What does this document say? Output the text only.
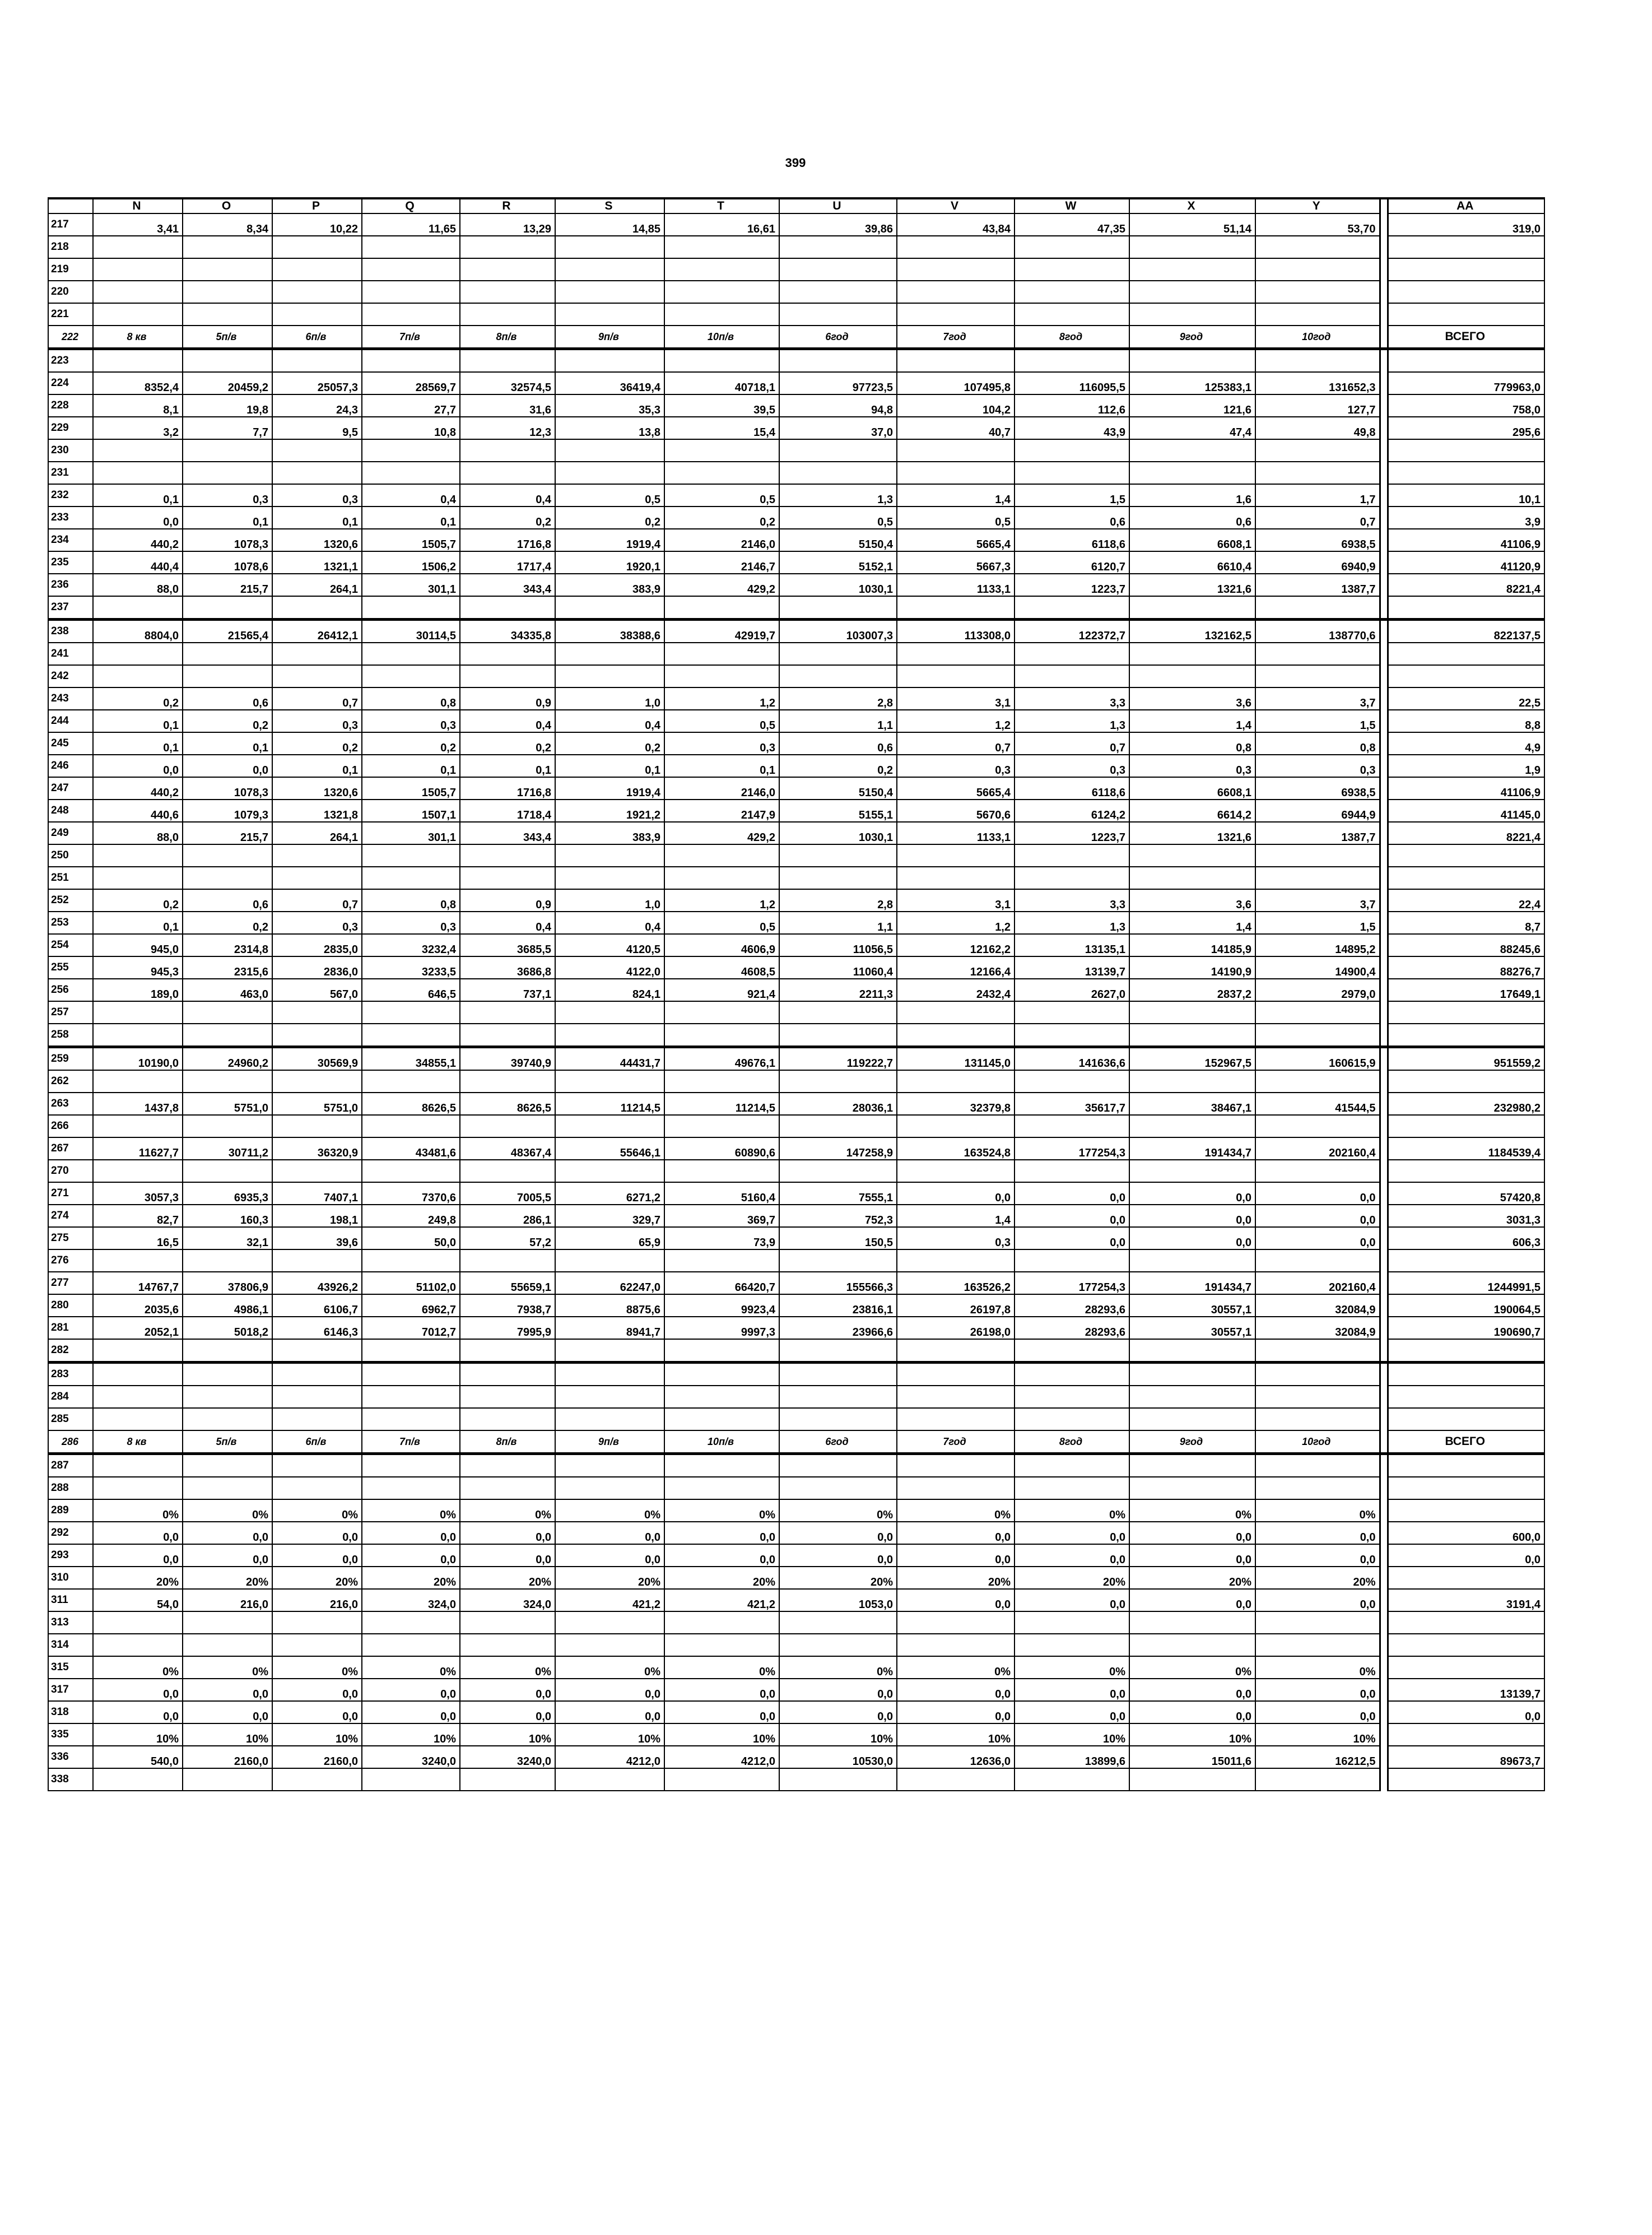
399
	N	O	P	Q	R	S	T	U	V	W	X	Y		AA
217	3,41	8,34	10,22	11,65	13,29	14,85	16,61	39,86	43,84	47,35	51,14	53,70		319,0
218														
219														
220														
221														
222	8 кв	5п/в	6п/в	7п/в	8п/в	9п/в	10п/в	6год	7год	8год	9год	10год		ВСЕГО
223														
224	8352,4	20459,2	25057,3	28569,7	32574,5	36419,4	40718,1	97723,5	107495,8	116095,5	125383,1	131652,3		779963,0
228	8,1	19,8	24,3	27,7	31,6	35,3	39,5	94,8	104,2	112,6	121,6	127,7		758,0
229	3,2	7,7	9,5	10,8	12,3	13,8	15,4	37,0	40,7	43,9	47,4	49,8		295,6
230														
231														
232	0,1	0,3	0,3	0,4	0,4	0,5	0,5	1,3	1,4	1,5	1,6	1,7		10,1
233	0,0	0,1	0,1	0,1	0,2	0,2	0,2	0,5	0,5	0,6	0,6	0,7		3,9
234	440,2	1078,3	1320,6	1505,7	1716,8	1919,4	2146,0	5150,4	5665,4	6118,6	6608,1	6938,5		41106,9
235	440,4	1078,6	1321,1	1506,2	1717,4	1920,1	2146,7	5152,1	5667,3	6120,7	6610,4	6940,9		41120,9
236	88,0	215,7	264,1	301,1	343,4	383,9	429,2	1030,1	1133,1	1223,7	1321,6	1387,7		8221,4
237														
238	8804,0	21565,4	26412,1	30114,5	34335,8	38388,6	42919,7	103007,3	113308,0	122372,7	132162,5	138770,6		822137,5
241														
242														
243	0,2	0,6	0,7	0,8	0,9	1,0	1,2	2,8	3,1	3,3	3,6	3,7		22,5
244	0,1	0,2	0,3	0,3	0,4	0,4	0,5	1,1	1,2	1,3	1,4	1,5		8,8
245	0,1	0,1	0,2	0,2	0,2	0,2	0,3	0,6	0,7	0,7	0,8	0,8		4,9
246	0,0	0,0	0,1	0,1	0,1	0,1	0,1	0,2	0,3	0,3	0,3	0,3		1,9
247	440,2	1078,3	1320,6	1505,7	1716,8	1919,4	2146,0	5150,4	5665,4	6118,6	6608,1	6938,5		41106,9
248	440,6	1079,3	1321,8	1507,1	1718,4	1921,2	2147,9	5155,1	5670,6	6124,2	6614,2	6944,9		41145,0
249	88,0	215,7	264,1	301,1	343,4	383,9	429,2	1030,1	1133,1	1223,7	1321,6	1387,7		8221,4
250														
251														
252	0,2	0,6	0,7	0,8	0,9	1,0	1,2	2,8	3,1	3,3	3,6	3,7		22,4
253	0,1	0,2	0,3	0,3	0,4	0,4	0,5	1,1	1,2	1,3	1,4	1,5		8,7
254	945,0	2314,8	2835,0	3232,4	3685,5	4120,5	4606,9	11056,5	12162,2	13135,1	14185,9	14895,2		88245,6
255	945,3	2315,6	2836,0	3233,5	3686,8	4122,0	4608,5	11060,4	12166,4	13139,7	14190,9	14900,4		88276,7
256	189,0	463,0	567,0	646,5	737,1	824,1	921,4	2211,3	2432,4	2627,0	2837,2	2979,0		17649,1
257														
258														
259	10190,0	24960,2	30569,9	34855,1	39740,9	44431,7	49676,1	119222,7	131145,0	141636,6	152967,5	160615,9		951559,2
262														
263	1437,8	5751,0	5751,0	8626,5	8626,5	11214,5	11214,5	28036,1	32379,8	35617,7	38467,1	41544,5		232980,2
266														
267	11627,7	30711,2	36320,9	43481,6	48367,4	55646,1	60890,6	147258,9	163524,8	177254,3	191434,7	202160,4		1184539,4
270														
271	3057,3	6935,3	7407,1	7370,6	7005,5	6271,2	5160,4	7555,1	0,0	0,0	0,0	0,0		57420,8
274	82,7	160,3	198,1	249,8	286,1	329,7	369,7	752,3	1,4	0,0	0,0	0,0		3031,3
275	16,5	32,1	39,6	50,0	57,2	65,9	73,9	150,5	0,3	0,0	0,0	0,0		606,3
276														
277	14767,7	37806,9	43926,2	51102,0	55659,1	62247,0	66420,7	155566,3	163526,2	177254,3	191434,7	202160,4		1244991,5
280	2035,6	4986,1	6106,7	6962,7	7938,7	8875,6	9923,4	23816,1	26197,8	28293,6	30557,1	32084,9		190064,5
281	2052,1	5018,2	6146,3	7012,7	7995,9	8941,7	9997,3	23966,6	26198,0	28293,6	30557,1	32084,9		190690,7
282														
283														
284														
285														
286	8 кв	5п/в	6п/в	7п/в	8п/в	9п/в	10п/в	6год	7год	8год	9год	10год		ВСЕГО
287														
288														
289	0%	0%	0%	0%	0%	0%	0%	0%	0%	0%	0%	0%		
292	0,0	0,0	0,0	0,0	0,0	0,0	0,0	0,0	0,0	0,0	0,0	0,0		600,0
293	0,0	0,0	0,0	0,0	0,0	0,0	0,0	0,0	0,0	0,0	0,0	0,0		0,0
310	20%	20%	20%	20%	20%	20%	20%	20%	20%	20%	20%	20%		
311	54,0	216,0	216,0	324,0	324,0	421,2	421,2	1053,0	0,0	0,0	0,0	0,0		3191,4
313														
314														
315	0%	0%	0%	0%	0%	0%	0%	0%	0%	0%	0%	0%		
317	0,0	0,0	0,0	0,0	0,0	0,0	0,0	0,0	0,0	0,0	0,0	0,0		13139,7
318	0,0	0,0	0,0	0,0	0,0	0,0	0,0	0,0	0,0	0,0	0,0	0,0		0,0
335	10%	10%	10%	10%	10%	10%	10%	10%	10%	10%	10%	10%		
336	540,0	2160,0	2160,0	3240,0	3240,0	4212,0	4212,0	10530,0	12636,0	13899,6	15011,6	16212,5		89673,7
338														
